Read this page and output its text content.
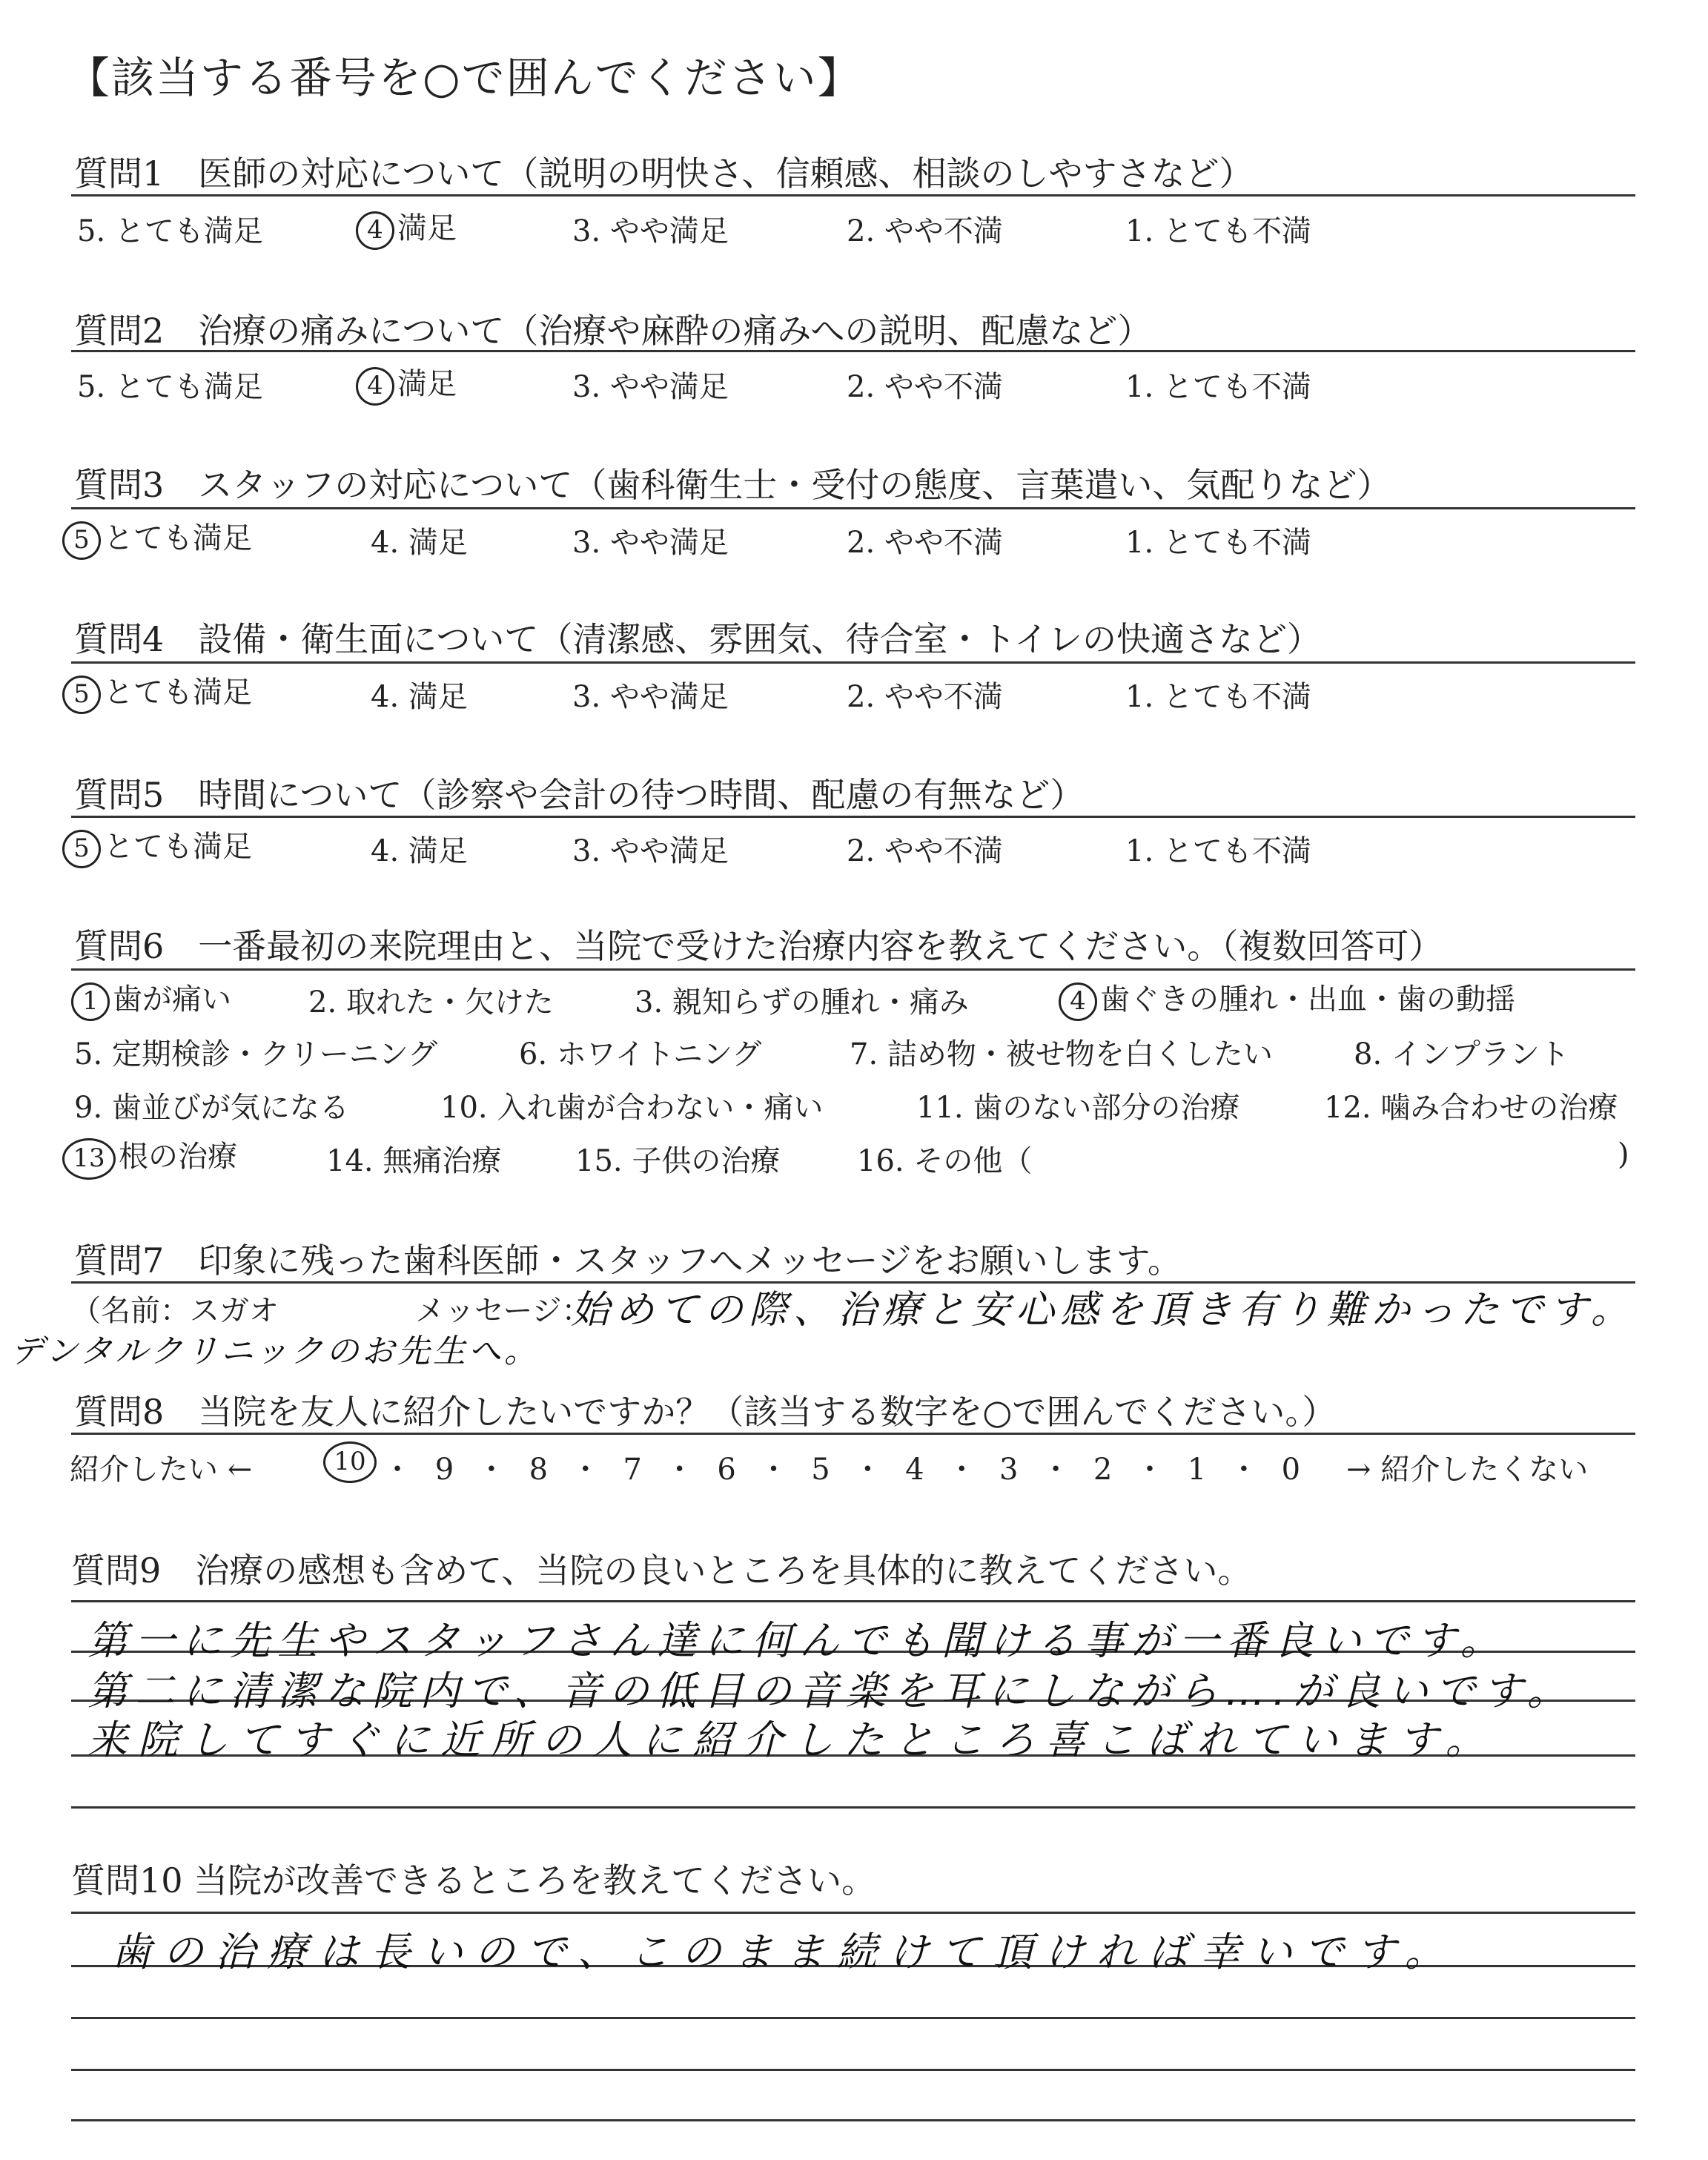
【該当する番号を○で囲んでください】
質問1　医師の対応について（説明の明快さ、信頼感、相談のしやすさなど）
5. とても満足	4 満足	3. やや満足	2. やや不満	1. とても不満
質問2　治療の痛みについて（治療や麻酔の痛みへの説明、配慮など）
5. とても満足	4 満足	3. やや満足	2. やや不満	1. とても不満
質問3　スタッフの対応について（歯科衛生士・受付の態度、言葉遣い、気配りなど）
5 とても満足	4. 満足	3. やや満足	2. やや不満	1. とても不満
質問4　設備・衛生面について（清潔感、雰囲気、待合室・トイレの快適さなど）
5 とても満足	4. 満足	3. やや満足	2. やや不満	1. とても不満
質問5　時間について（診察や会計の待つ時間、配慮の有無など）
5 とても満足	4. 満足	3. やや満足	2. やや不満	1. とても不満
質問6　一番最初の来院理由と、当院で受けた治療内容を教えてください。（複数回答可）
1 歯が痛い	2. 取れた・欠けた	3. 親知らずの腫れ・痛み	4 歯ぐきの腫れ・出血・歯の動揺
5. 定期検診・クリーニング	6. ホワイトニング	7. 詰め物・被せ物を白くしたい	8. インプラント
9. 歯並びが気になる	10. 入れ歯が合わない・痛い	11. 歯のない部分の治療	12. 噛み合わせの治療
13 根の治療	14. 無痛治療 15. 子供の治療	16. その他（	)
質問7　印象に残った歯科医師・スタッフへメッセージをお願いします。
（名前：スガオ	メッセージ：
始めての際、治療と安心感を頂き有り難かったです。
デンタルクリニックのお先生へ。
質問8　当院を友人に紹介したいですか？（該当する数字を○で囲んでください。）
紹介したい ←	10 ・ 9 ・ 8 ・ 7 ・ 6 ・ 5 ・ 4 ・ 3 ・ 2 ・ 1 ・ 0 → 紹介したくない
質問9　治療の感想も含めて、当院の良いところを具体的に教えてください。
第一に先生やスタッフさん達に何んでも聞ける事が一番良いです。
第二に清潔な院内で、音の低目の音楽を耳にしながら….が良いです。
来院してすぐに近所の人に紹介したところ喜こばれています。
質問10 当院が改善できるところを教えてください。
歯の治療は長いので、このまま続けて頂ければ幸いです。
